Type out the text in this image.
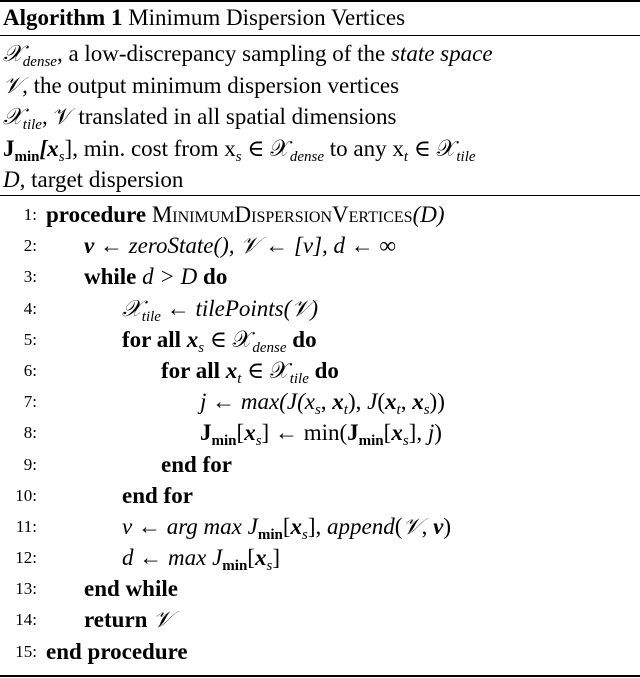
Algorithm 1 Minimum Dispersion Vertices
𝒳$_{dense}$, a low-discrepancy sampling of the state space
𝒱, the output minimum dispersion vertices
𝒳$_{tile}$, 𝒱 translated in all spatial dimensions
$J_{min}[x_s]$, min. cost from $x_s$ ∈ 𝒳$_{dense}$ to any $x_t$ ∈ 𝒳$_{tile}$
D, target dispersion
1: procedure MinimumDispersionVertices(D)
2: v ← zeroState(), 𝒱 ← [v], d ← ∞
3: while d > D do
4:	𝒳$_{tile}$ ← tilePoints(𝒱)
5:	for all $x_s$ ∈ 𝒳$_{dense}$ do
6:	for all $x_t$ ∈ 𝒳$_{tile}$ do
7:	j ← $\max(J(x_s$, $x_t$), $J(x_t$, $x_s$))
8:	$J_{min}[x_s]$ ← $\min(J_{min}[x_s]$, j)
9:	end for
10:	end for
11:	v ← arg $\max J_{min}[x_s]$, append(𝒱, v)
12:	d ← $\max J_{min}[x_s]$
13: end while
14: return 𝒱
15: end procedure
